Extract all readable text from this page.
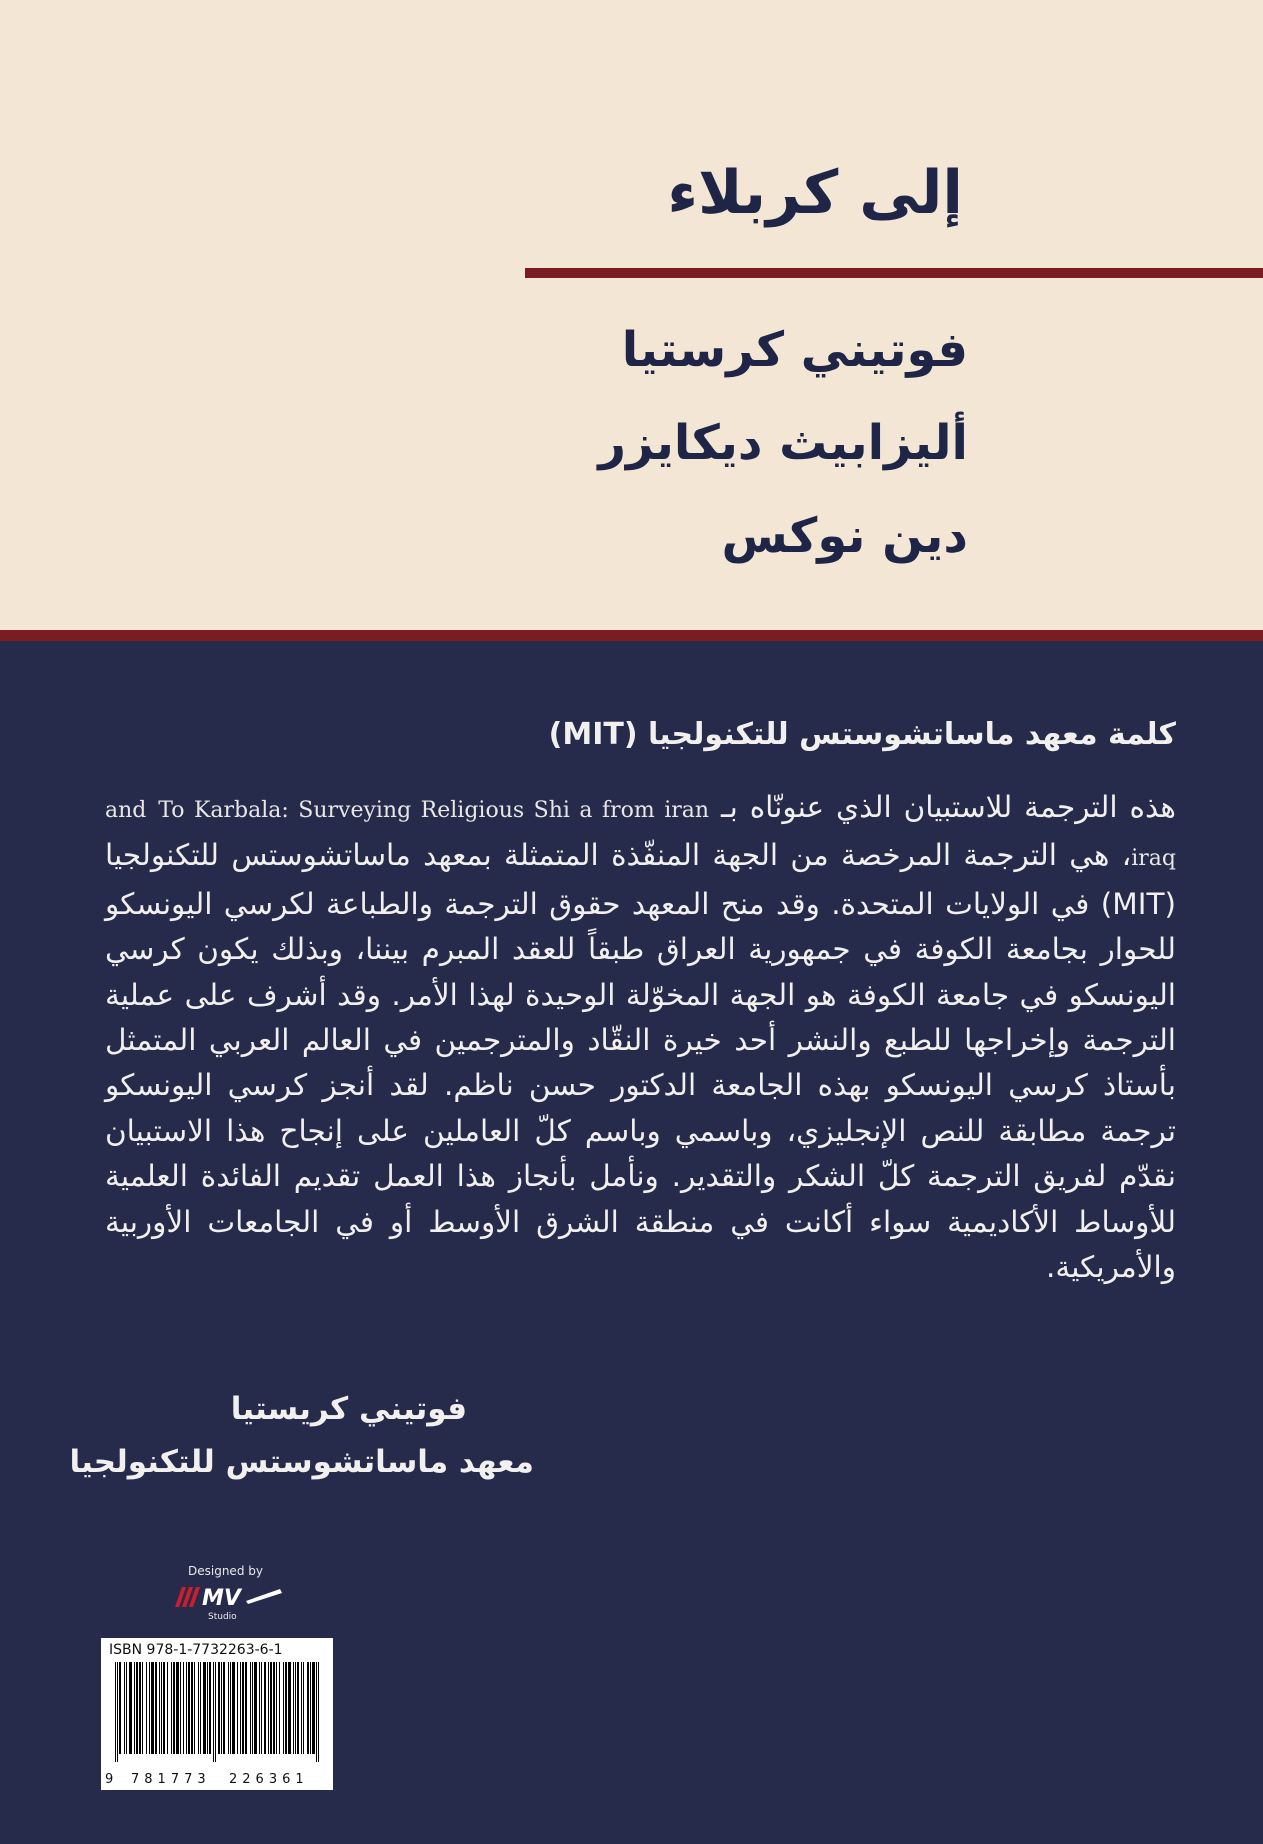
إلى كربلاء
فوتيني كرستيا
أليزابيث ديكايزر
دين نوكس
كلمة معهد ماساتشوستس للتكنولجيا (MIT)

هذه الترجمة للاستبيان الذي عنونّاه بـ To Karbala: Surveying Religious Shi a from iran and iraq، هي الترجمة المرخصة من الجهة المنفّذة المتمثلة بمعهد ماساتشوستس للتكنولجيا (MIT) في الولايات المتحدة. وقد منح المعهد حقوق الترجمة والطباعة لكرسي اليونسكو للحوار بجامعة الكوفة في جمهورية العراق طبقاً للعقد المبرم بيننا، وبذلك يكون كرسي اليونسكو في جامعة الكوفة هو الجهة المخوّلة الوحيدة لهذا الأمر. وقد أشرف على عملية الترجمة وإخراجها للطبع والنشر أحد خيرة النقّاد والمترجمين في العالم العربي المتمثل بأستاذ كرسي اليونسكو بهذه الجامعة الدكتور حسن ناظم. لقد أنجز كرسي اليونسكو ترجمة مطابقة للنص الإنجليزي، وباسمي وباسم كلّ العاملين على إنجاح هذا الاستبيان نقدّم لفريق الترجمة كلّ الشكر والتقدير. ونأمل بأنجاز هذا العمل تقديم الفائدة العلمية للأوساط الأكاديمية سواء أكانت في منطقة الشرق الأوسط أو في الجامعات الأوربية والأمريكية.

فوتيني كريستيا
معهد ماساتشوستس للتكنولجيا
Designed by
MV
Studio
ISBN 978-1-7732263-6-1
9 781773 226361
